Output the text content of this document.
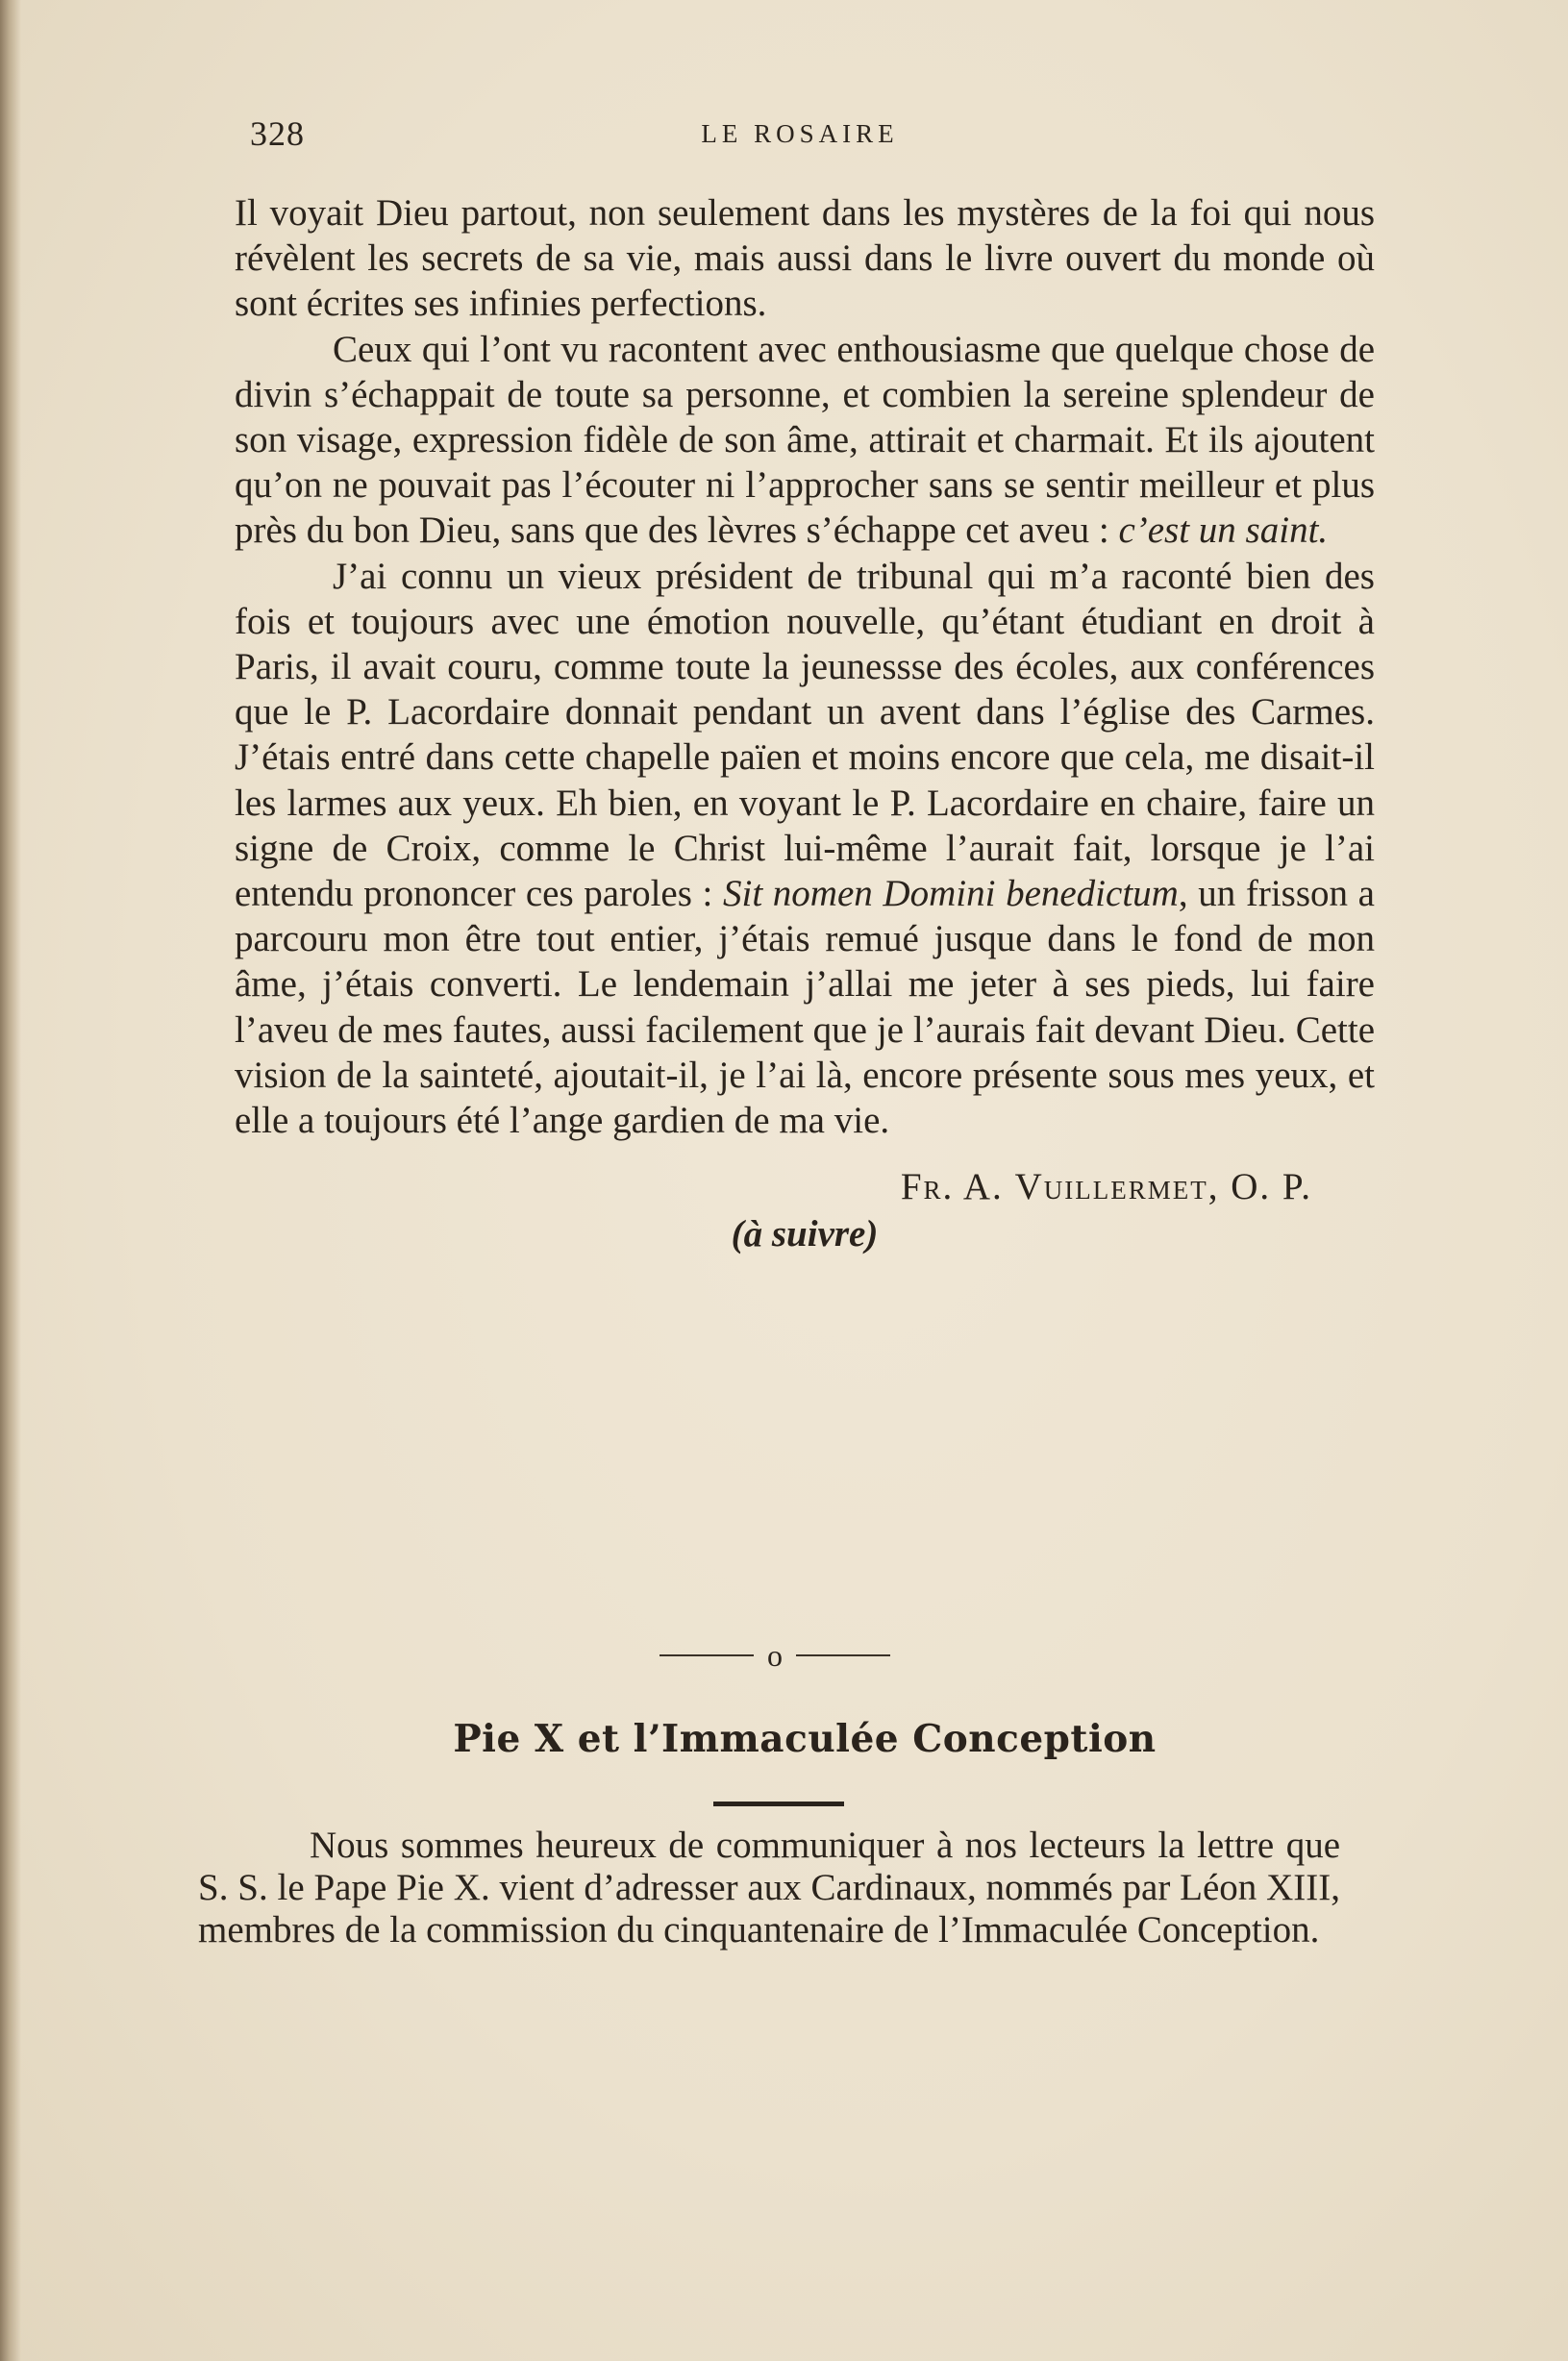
328	LE ROSAIRE

Il voyait Dieu partout, non seulement dans les mystères de la foi qui nous révèlent les secrets de sa vie, mais aussi dans le livre ouvert du monde où sont écrites ses infinies perfections.

Ceux qui l’ont vu racontent avec enthousiasme que quelque chose de divin s’échappait de toute sa personne, et combien la sereine splendeur de son visage, expression fidèle de son âme, attirait et charmait. Et ils ajoutent qu’on ne pouvait pas l’écouter ni l’approcher sans se sentir meilleur et plus près du bon Dieu, sans que des lèvres s’échappe cet aveu : c’est un saint.

J’ai connu un vieux président de tribunal qui m’a raconté bien des fois et toujours avec une émotion nouvelle, qu’étant étudiant en droit à Paris, il avait couru, comme toute la jeunessse des écoles, aux conférences que le P. Lacordaire donnait pendant un avent dans l’église des Carmes. J’étais entré dans cette chapelle païen et moins encore que cela, me disait-il les larmes aux yeux. Eh bien, en voyant le P. Lacordaire en chaire, faire un signe de Croix, comme le Christ lui-même l’aurait fait, lorsque je l’ai entendu prononcer ces paroles : Sit nomen Domini benedictum, un frisson a parcouru mon être tout entier, j’étais remué jusque dans le fond de mon âme, j’étais converti. Le lendemain j’allai me jeter à ses pieds, lui faire l’aveu de mes fautes, aussi facilement que je l’aurais fait devant Dieu. Cette vision de la sainteté, ajoutait-il, je l’ai là, encore présente sous mes yeux, et elle a toujours été l’ange gardien de ma vie.

Fr. A. Vuillermet, O. P.

(à suivre)

o
Pie X et l’Immaculée Conception

Nous sommes heureux de communiquer à nos lecteurs la lettre que S. S. le Pape Pie X. vient d’adresser aux Cardinaux, nommés par Léon XIII, membres de la commission du cinquantenaire de l’Immaculée Conception.
